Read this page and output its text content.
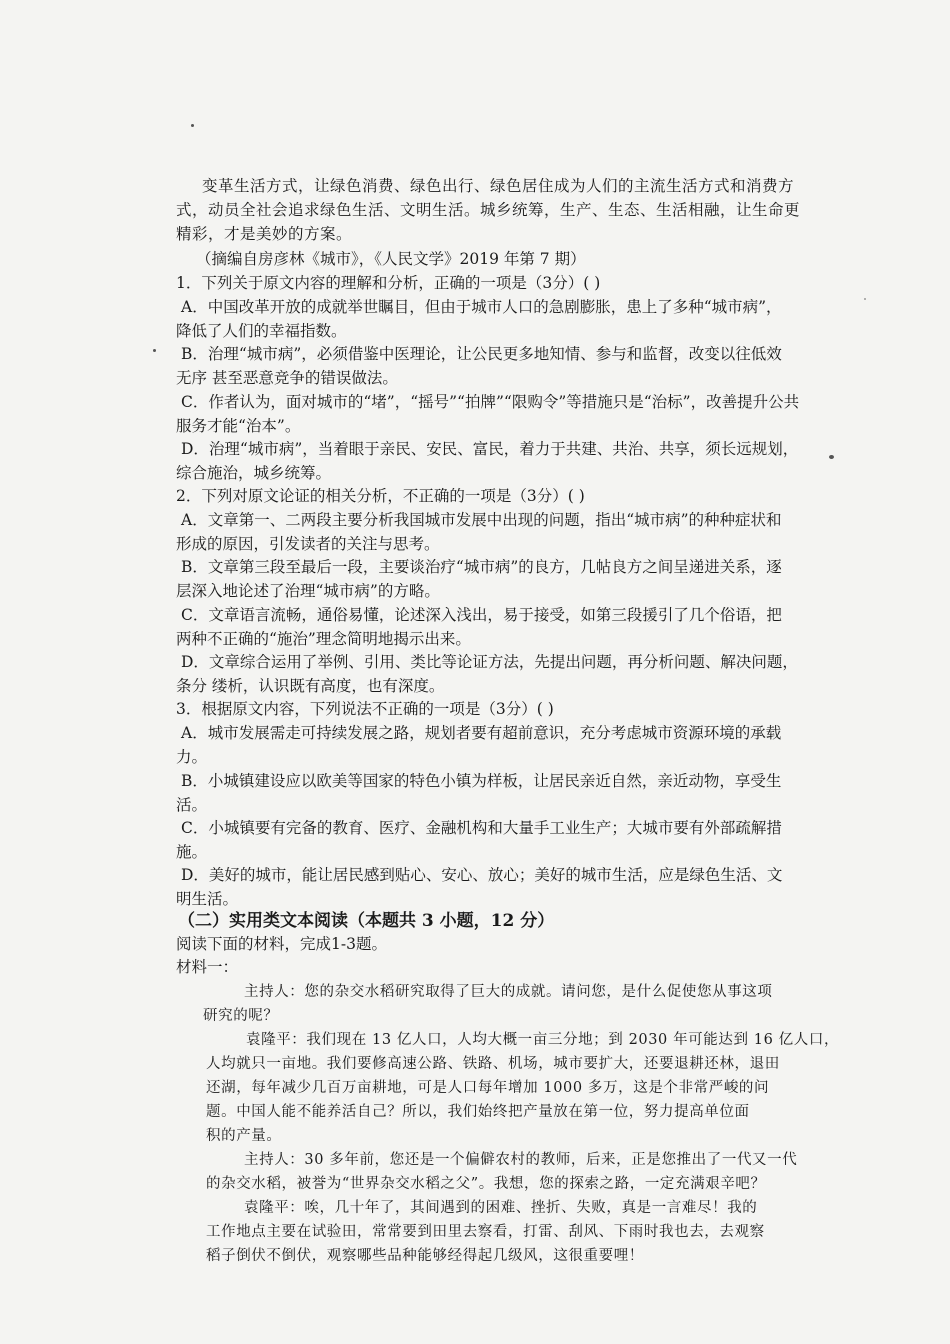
变革生活方式，让绿色消费、绿色出行、绿色居住成为人们的主流生活方式和消费方
式，动员全社会追求绿色生活、文明生活。城乡统筹，生产、生态、生活相融，让生命更
精彩，才是美妙的方案。
（摘编自房彦林《城市》，《人民文学》2019 年第 7 期）
1．下列关于原文内容的理解和分析，正确的一项是（3分）( )
A．中国改革开放的成就举世瞩目，但由于城市人口的急剧膨胀，患上了多种“城市病”，
降低了人们的幸福指数。
B．治理“城市病”，必须借鉴中医理论，让公民更多地知情、参与和监督，改变以往低效
无序 甚至恶意竞争的错误做法。
C．作者认为，面对城市的“堵”，“摇号”“拍牌”“限购令”等措施只是“治标”，改善提升公共
服务才能“治本”。
D．治理“城市病”，当着眼于亲民、安民、富民，着力于共建、共治、共享，须长远规划，
综合施治，城乡统筹。
2．下列对原文论证的相关分析，不正确的一项是（3分）( )
A．文章第一、二两段主要分析我国城市发展中出现的问题，指出“城市病”的种种症状和
形成的原因，引发读者的关注与思考。
B．文章第三段至最后一段，主要谈治疗“城市病”的良方，几帖良方之间呈递进关系，逐
层深入地论述了治理“城市病”的方略。
C．文章语言流畅，通俗易懂，论述深入浅出，易于接受，如第三段援引了几个俗语，把
两种不正确的“施治”理念简明地揭示出来。
D．文章综合运用了举例、引用、类比等论证方法，先提出问题，再分析问题、解决问题，
条分 缕析，认识既有高度，也有深度。
3．根据原文内容，下列说法不正确的一项是（3分）( )
A．城市发展需走可持续发展之路，规划者要有超前意识，充分考虑城市资源环境的承载
力。
B．小城镇建设应以欧美等国家的特色小镇为样板，让居民亲近自然，亲近动物，享受生
活。
C．小城镇要有完备的教育、医疗、金融机构和大量手工业生产；大城市要有外部疏解措
施。
D．美好的城市，能让居民感到贴心、安心、放心；美好的城市生活，应是绿色生活、文
明生活。
（二）实用类文本阅读（本题共 3 小题，12 分）
阅读下面的材料，完成1-3题。
材料一：
主持人：您的杂交水稻研究取得了巨大的成就。请问您，是什么促使您从事这项
研究的呢？
袁隆平：我们现在 13 亿人口，人均大概一亩三分地；到 2030 年可能达到 16 亿人口，
人均就只一亩地。我们要修高速公路、铁路、机场，城市要扩大，还要退耕还林，退田
还湖，每年减少几百万亩耕地，可是人口每年增加 1000 多万，这是个非常严峻的问
题。中国人能不能养活自己？所以，我们始终把产量放在第一位，努力提高单位面
积的产量。
主持人：30 多年前，您还是一个偏僻农村的教师，后来，正是您推出了一代又一代
的杂交水稻，被誉为“世界杂交水稻之父”。我想，您的探索之路，一定充满艰辛吧？
袁隆平：唉，几十年了，其间遇到的困难、挫折、失败，真是一言难尽！我的
工作地点主要在试验田，常常要到田里去察看，打雷、刮风、下雨时我也去，去观察
稻子倒伏不倒伏，观察哪些品种能够经得起几级风，这很重要哩！
